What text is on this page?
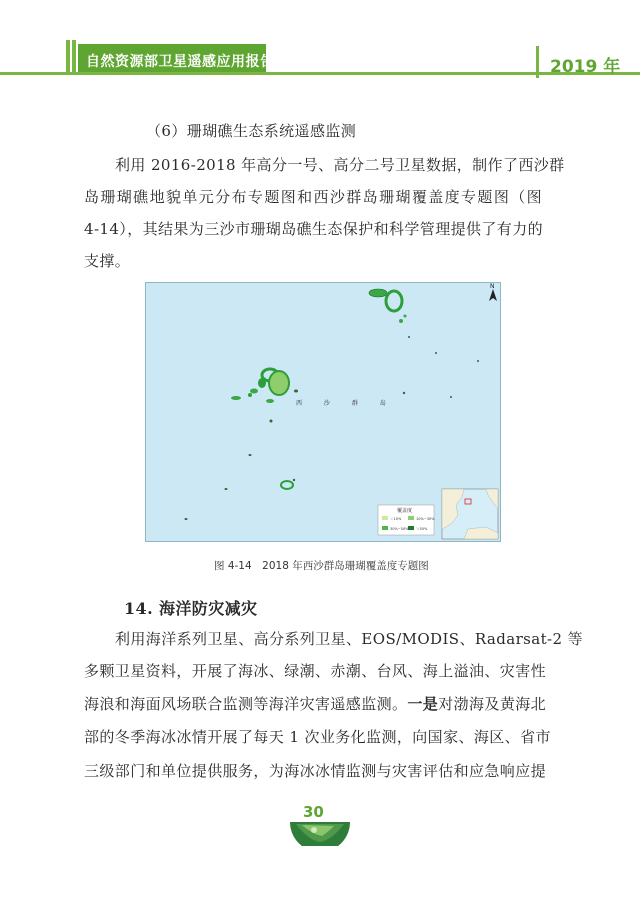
自然资源部卫星遥感应用报告	2019 年
（6）珊瑚礁生态系统遥感监测
利用 2016-2018 年高分一号、高分二号卫星数据，制作了西沙群
岛珊瑚礁地貌单元分布专题图和西沙群岛珊瑚覆盖度专题图（图
4-14），其结果为三沙市珊瑚岛礁生态保护和科学管理提供了有力的
支撑。
N
西 沙 群 岛
覆盖度
＜10%	10%~30%
30%~50% ＞50%
图 4-14　2018 年西沙群岛珊瑚覆盖度专题图
14. 海洋防灾减灾
利用海洋系列卫星、高分系列卫星、EOS/MODIS、Radarsat-2 等
多颗卫星资料，开展了海冰、绿潮、赤潮、台风、海上溢油、灾害性
海浪和海面风场联合监测等海洋灾害遥感监测。一是对渤海及黄海北
部的冬季海冰冰情开展了每天 1 次业务化监测，向国家、海区、省市
三级部门和单位提供服务，为海冰冰情监测与灾害评估和应急响应提
30
